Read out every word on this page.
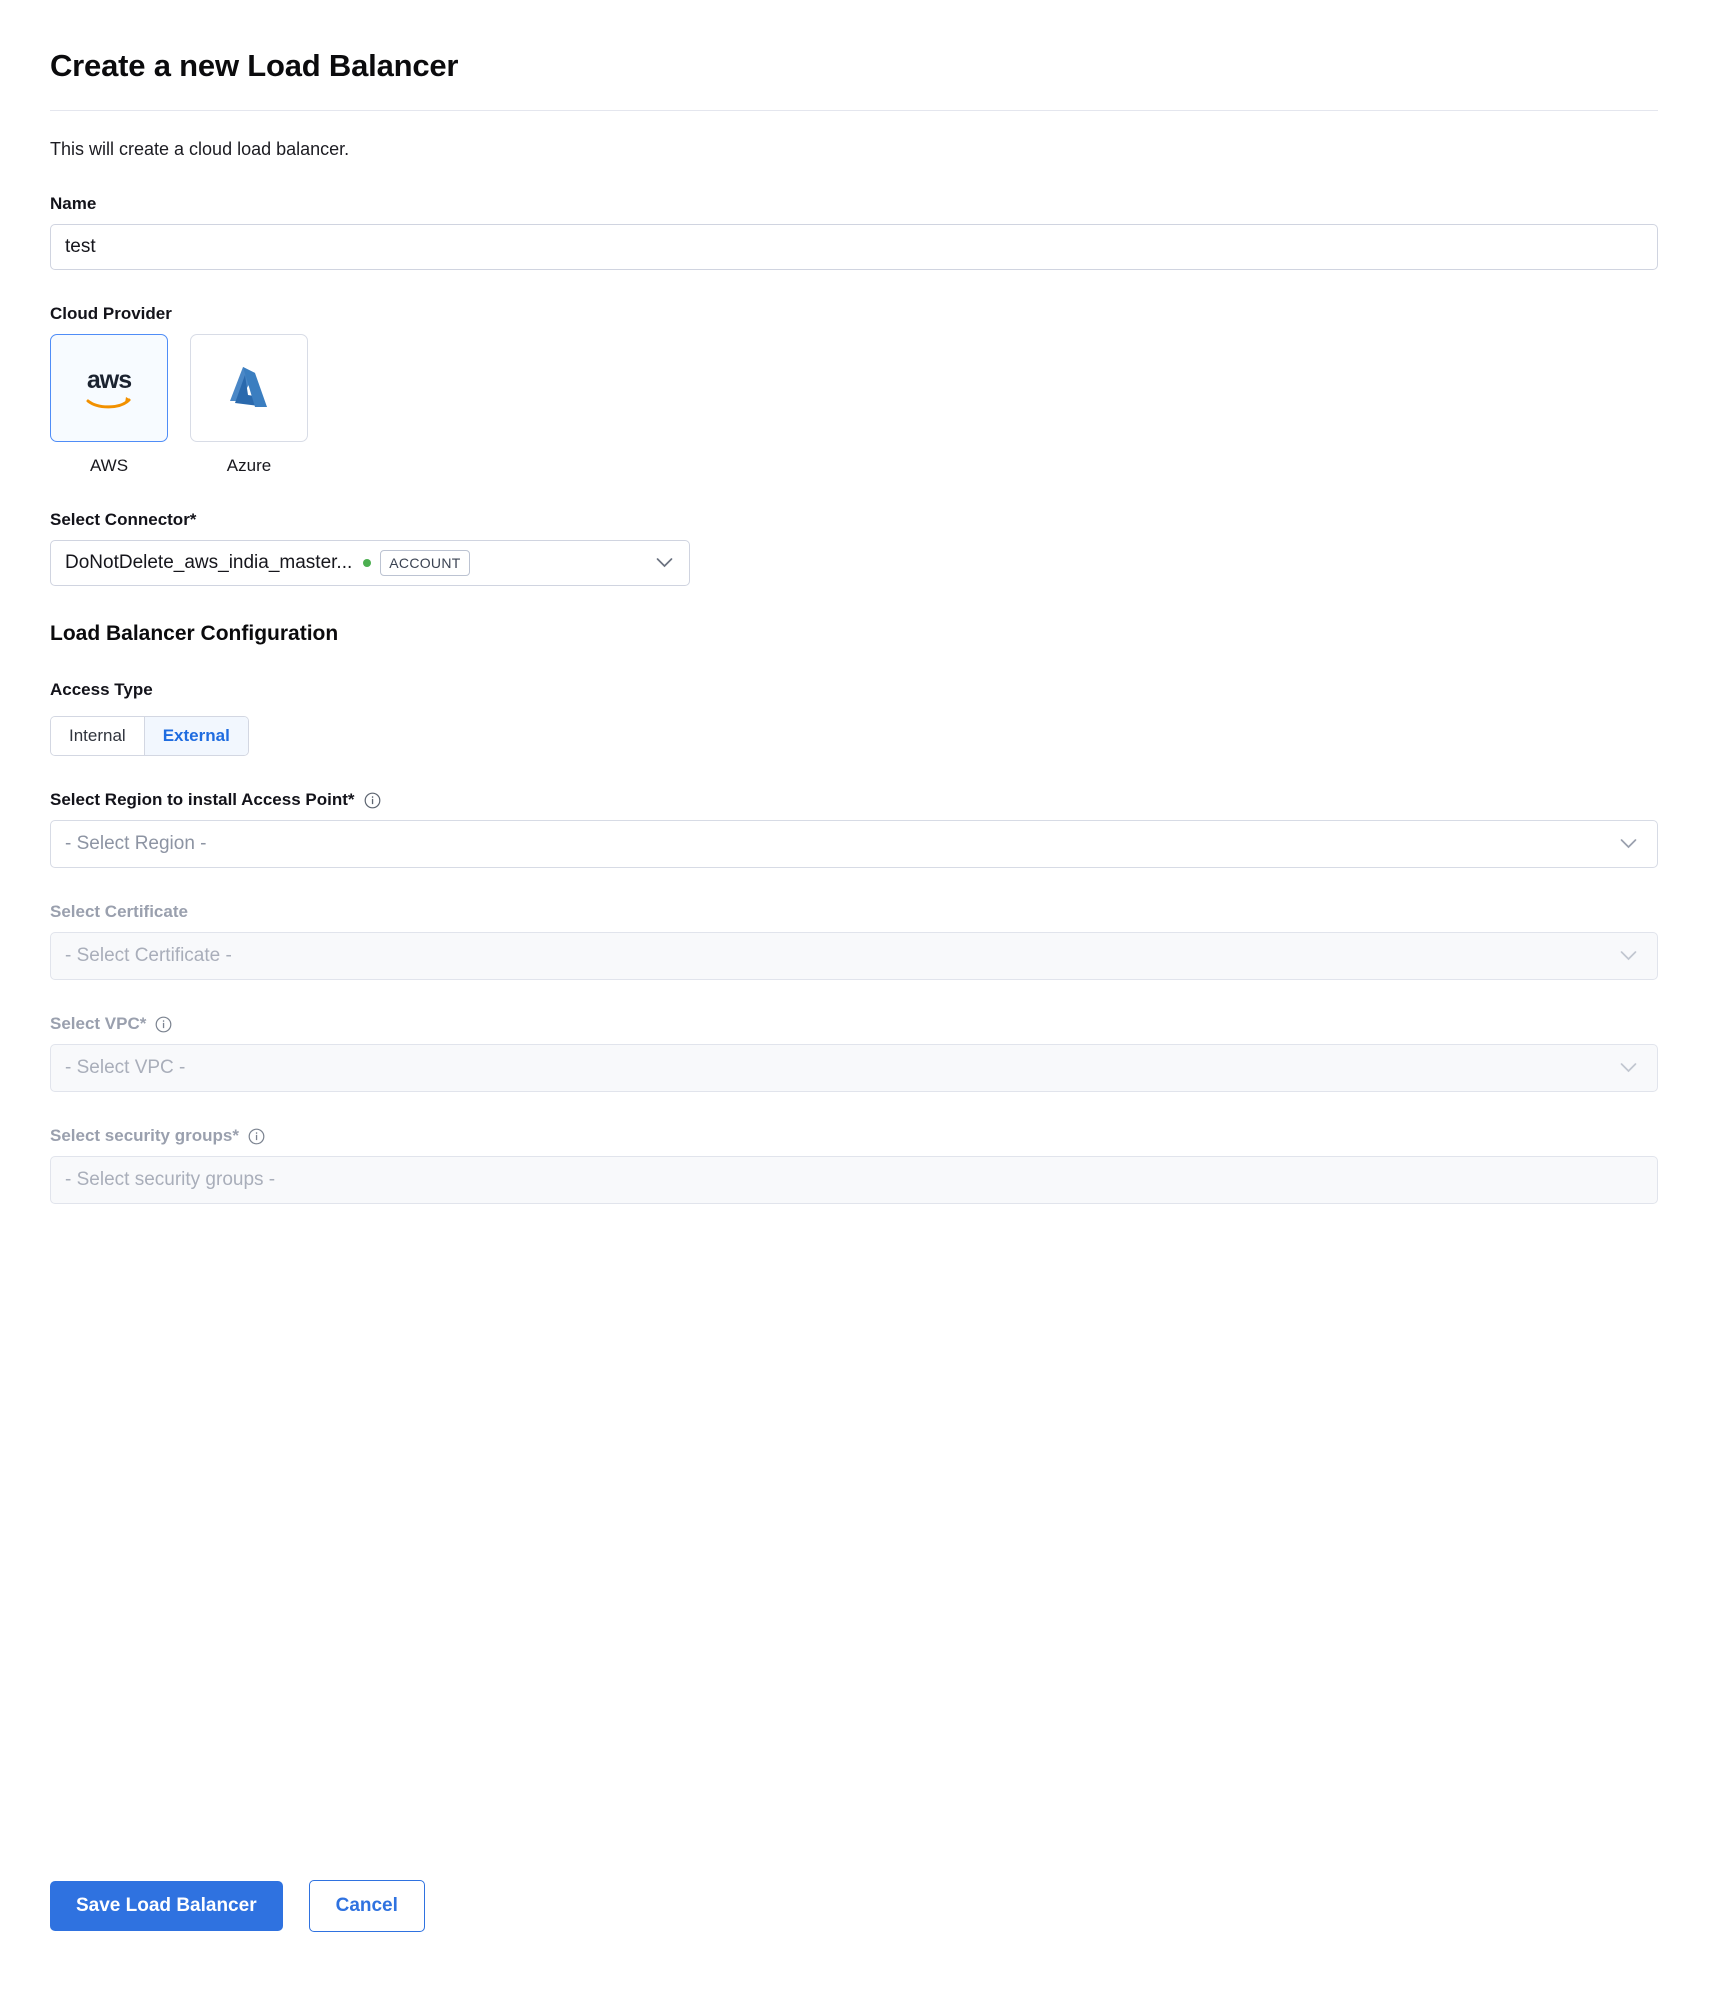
Create a new Load Balancer
This will create a cloud load balancer.
Name
test
Cloud Provider
aws
AWS	Azure
Select Connector*
DoNotDelete_aws_india_master...	ACCOUNT
Load Balancer Configuration
Access Type
Internal	External
Select Region to install Access Point*
- Select Region -
Select Certificate
- Select Certificate -
Select VPC*
- Select VPC -
Select security groups*
- Select security groups -
Save Load Balancer	Cancel
